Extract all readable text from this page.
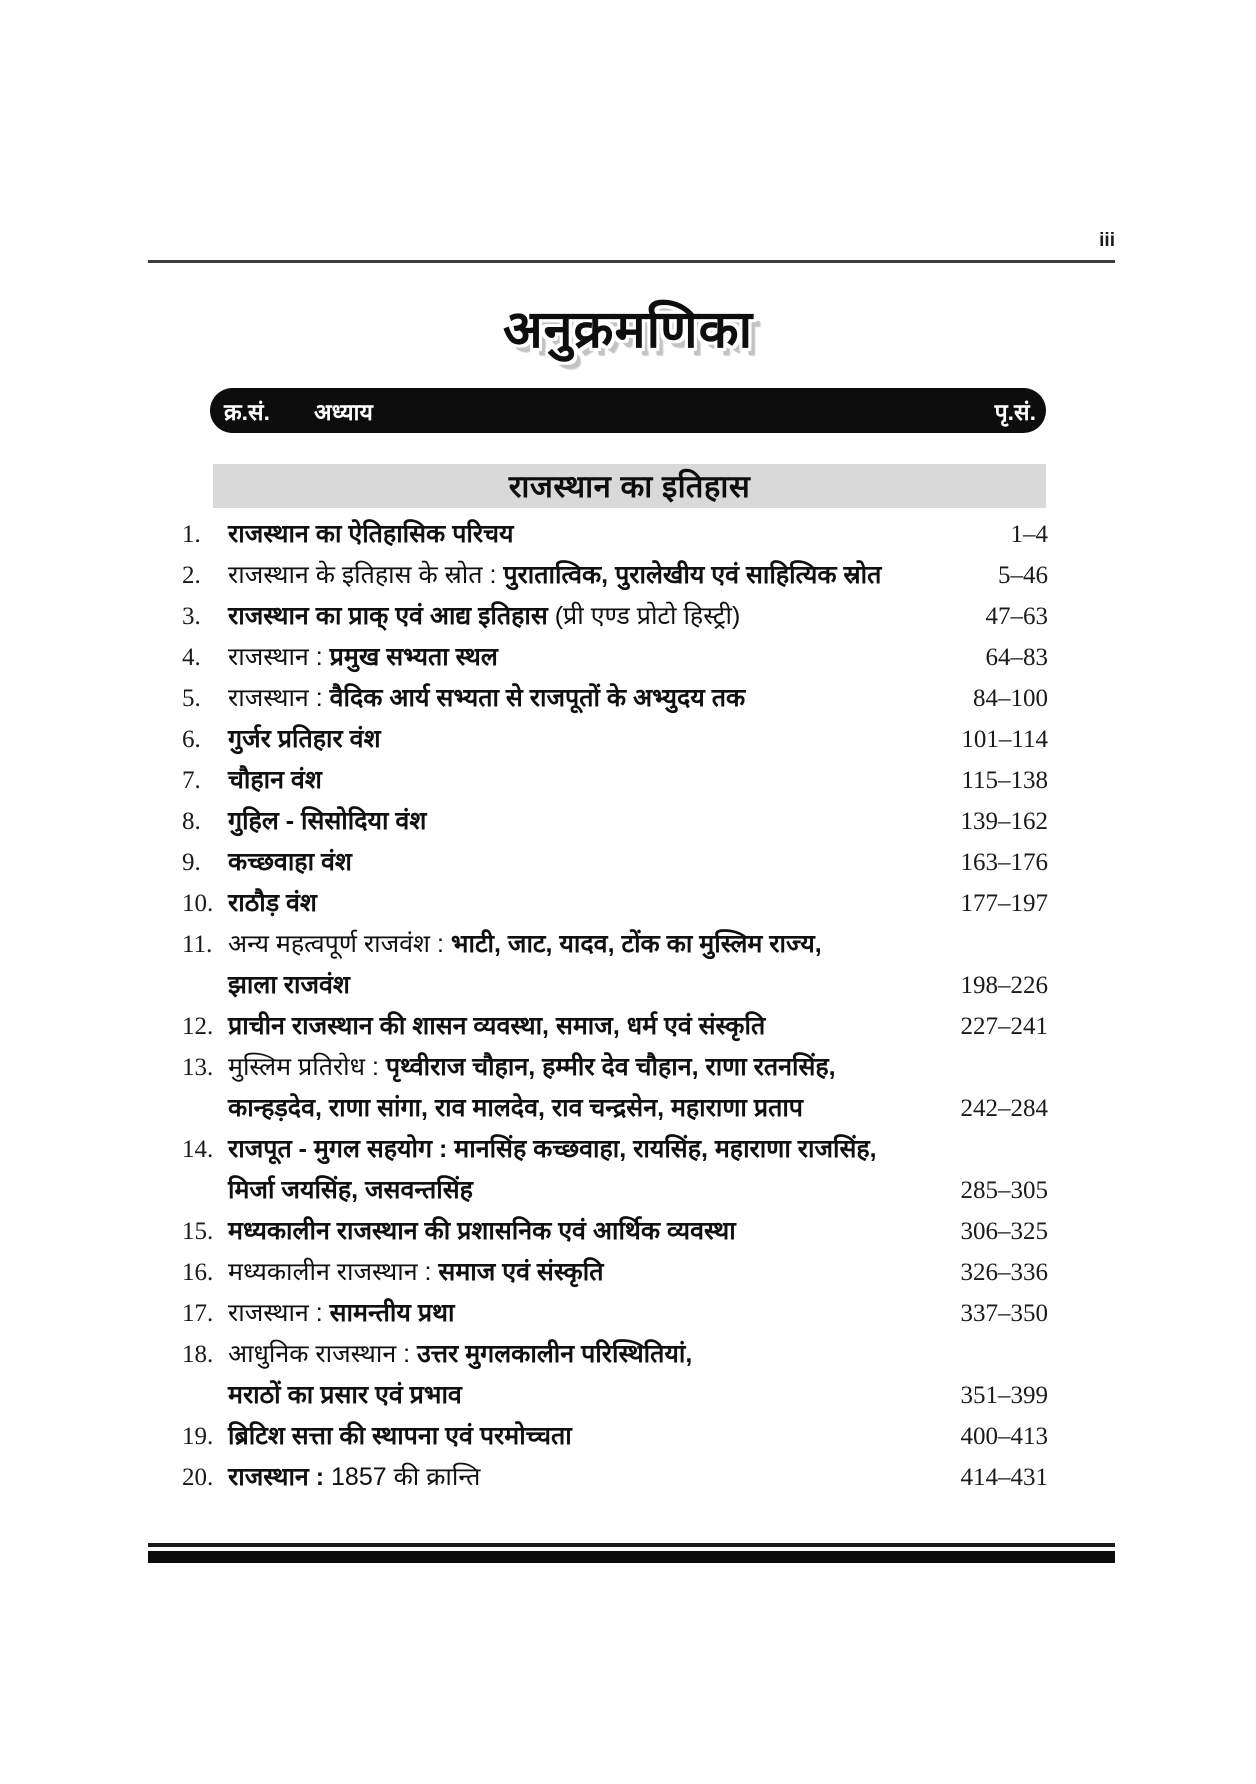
iii
अनुक्रमणिका
क्र.सं. अध्याय	पृ.सं.
राजस्थान का इतिहास
1.	राजस्थान का ऐतिहासिक परिचय	1–4
2.	राजस्थान के इतिहास के स्रोत : पुरातात्विक, पुरालेखीय एवं साहित्यिक स्रोत	5–46
3.	राजस्थान का प्राक् एवं आद्य इतिहास (प्री एण्ड प्रोटो हिस्ट्री)	47–63
4.	राजस्थान : प्रमुख सभ्यता स्थल	64–83
5.	राजस्थान : वैदिक आर्य सभ्यता से राजपूतों के अभ्युदय तक	84–100
6.	गुर्जर प्रतिहार वंश	101–114
7.	चौहान वंश	115–138
8.	गुहिल - सिसोदिया वंश	139–162
9.	कच्छवाहा वंश	163–176
10. राठौड़ वंश	177–197
11. अन्य महत्वपूर्ण राजवंश : भाटी, जाट, यादव, टोंक का मुस्लिम राज्य,
झाला राजवंश	198–226
12. प्राचीन राजस्थान की शासन व्यवस्था, समाज, धर्म एवं संस्कृति	227–241
13. मुस्लिम प्रतिरोध : पृथ्वीराज चौहान, हम्मीर देव चौहान, राणा रतनसिंह,
कान्हड़देव, राणा सांगा, राव मालदेव, राव चन्द्रसेन, महाराणा प्रताप	242–284
14. राजपूत - मुगल सहयोग : मानसिंह कच्छवाहा, रायसिंह, महाराणा राजसिंह,
मिर्जा जयसिंह, जसवन्तसिंह	285–305
15. मध्यकालीन राजस्थान की प्रशासनिक एवं आर्थिक व्यवस्था	306–325
16. मध्यकालीन राजस्थान : समाज एवं संस्कृति	326–336
17. राजस्थान : सामन्तीय प्रथा	337–350
18. आधुनिक राजस्थान : उत्तर मुगलकालीन परिस्थितियां,
मराठों का प्रसार एवं प्रभाव	351–399
19. ब्रिटिश सत्ता की स्थापना एवं परमोच्चता	400–413
20. राजस्थान : 1857 की क्रान्ति	414–431
